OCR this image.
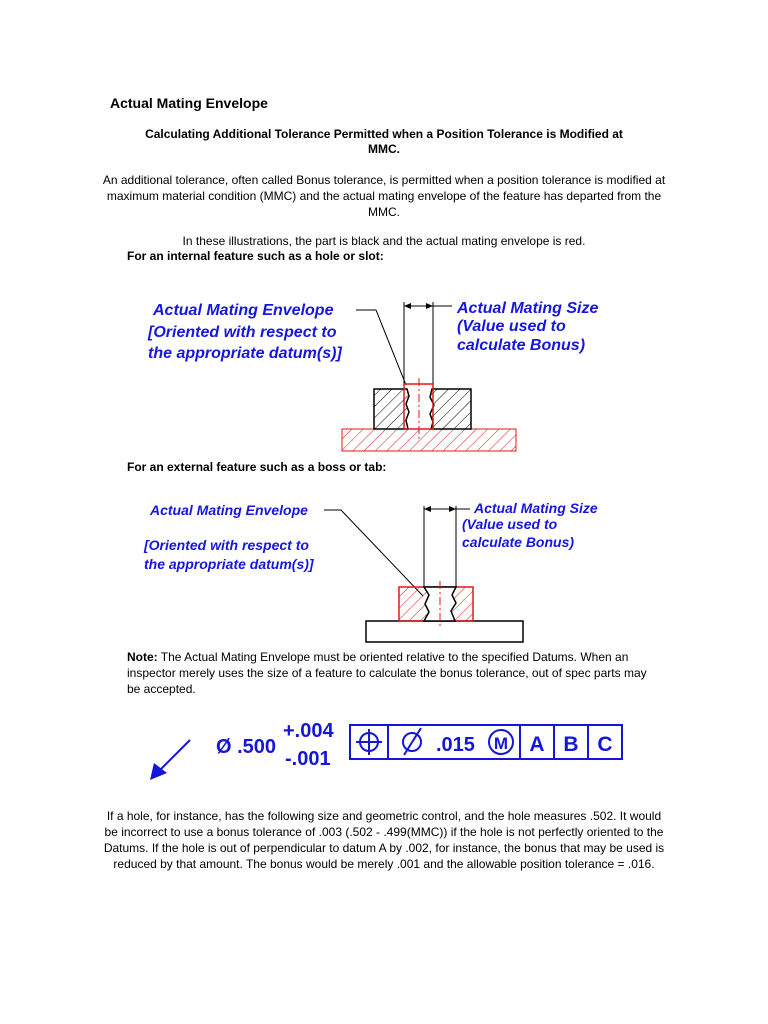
Actual Mating Envelope
Calculating Additional Tolerance Permitted when a Position Tolerance is Modified at MMC.
An additional tolerance, often called Bonus tolerance, is permitted when a position tolerance is modified at maximum material condition (MMC) and the actual mating envelope of the feature has departed from the MMC.
In these illustrations, the part is black and the actual mating envelope is red.
For an internal feature such as a hole or slot:
For an external feature such as a boss or tab:
Actual Mating Envelope
[Oriented with respect to
the appropriate datum(s)]
Actual Mating Size
(Value used to
calculate Bonus)
Actual Mating Envelope
[Oriented with respect to
the appropriate datum(s)]
Actual Mating Size
(Value used to
calculate Bonus)
Ø .500
+.004
-.001
.015 M A B C
Note: The Actual Mating Envelope must be oriented relative to the specified Datums. When an inspector merely uses the size of a feature to calculate the bonus tolerance, out of spec parts may be accepted.
If a hole, for instance, has the following size and geometric control, and the hole measures .502. It would be incorrect to use a bonus tolerance of .003 (.502 - .499(MMC)) if the hole is not perfectly oriented to the Datums. If the hole is out of perpendicular to datum A by .002, for instance, the bonus that may be used is reduced by that amount. The bonus would be merely .001 and the allowable position tolerance = .016.
